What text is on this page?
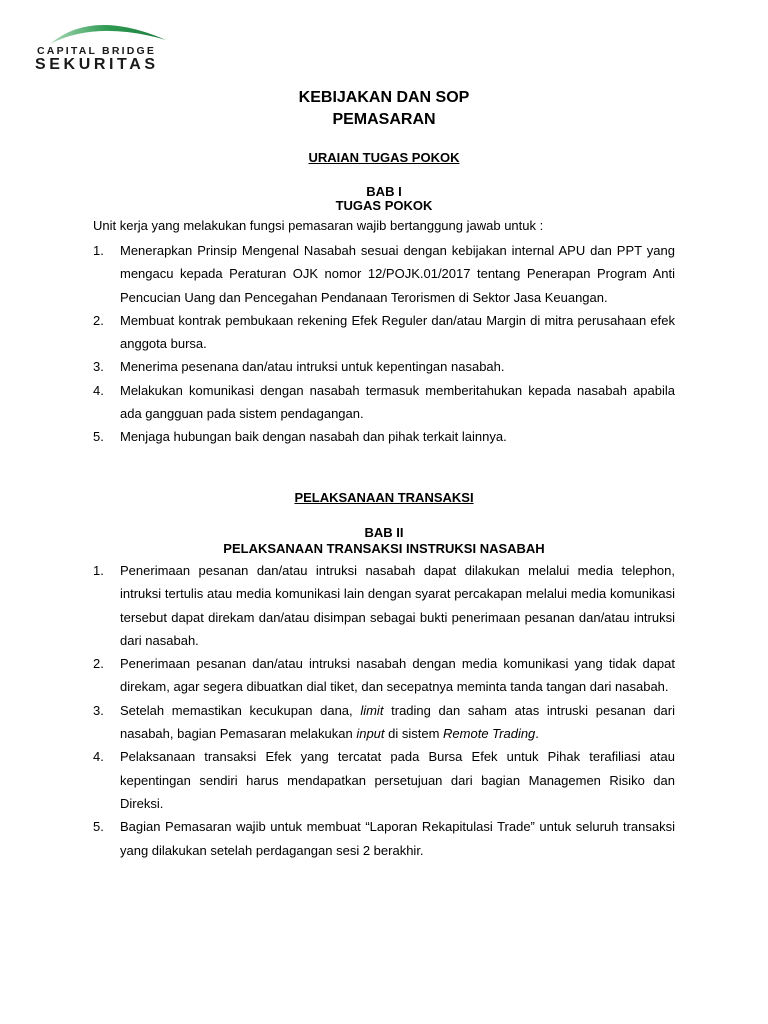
CAPITAL BRIDGE
SEKURITAS
KEBIJAKAN DAN SOP
PEMASARAN
URAIAN TUGAS POKOK
BAB I
TUGAS POKOK
Unit kerja yang melakukan fungsi pemasaran wajib bertanggung jawab untuk :
1. Menerapkan Prinsip Mengenal Nasabah sesuai dengan kebijakan internal APU dan PPT yang mengacu kepada Peraturan OJK nomor 12/POJK.01/2017 tentang Penerapan Program Anti Pencucian Uang dan Pencegahan Pendanaan Terorismen di Sektor Jasa Keuangan.
2. Membuat kontrak pembukaan rekening Efek Reguler dan/atau Margin di mitra perusahaan efek anggota bursa.
3. Menerima pesenana dan/atau intruksi untuk kepentingan nasabah.
4. Melakukan komunikasi dengan nasabah termasuk memberitahukan kepada nasabah apabila ada gangguan pada sistem pendagangan.
5. Menjaga hubungan baik dengan nasabah dan pihak terkait lainnya.
PELAKSANAAN TRANSAKSI
BAB II
PELAKSANAAN TRANSAKSI INSTRUKSI NASABAH
1. Penerimaan pesanan dan/atau intruksi nasabah dapat dilakukan melalui media telephon, intruksi tertulis atau media komunikasi lain dengan syarat percakapan melalui media komunikasi tersebut dapat direkam dan/atau disimpan sebagai bukti penerimaan pesanan dan/atau intruksi dari nasabah.
2. Penerimaan pesanan dan/atau intruksi nasabah dengan media komunikasi yang tidak dapat direkam, agar segera dibuatkan dial tiket, dan secepatnya meminta tanda tangan dari nasabah.
3. Setelah memastikan kecukupan dana, limit trading dan saham atas intruski pesanan dari nasabah, bagian Pemasaran melakukan input di sistem Remote Trading.
4. Pelaksanaan transaksi Efek yang tercatat pada Bursa Efek untuk Pihak terafiliasi atau kepentingan sendiri harus mendapatkan persetujuan dari bagian Managemen Risiko dan Direksi.
5. Bagian Pemasaran wajib untuk membuat “Laporan Rekapitulasi Trade” untuk seluruh transaksi yang dilakukan setelah perdagangan sesi 2 berakhir.
